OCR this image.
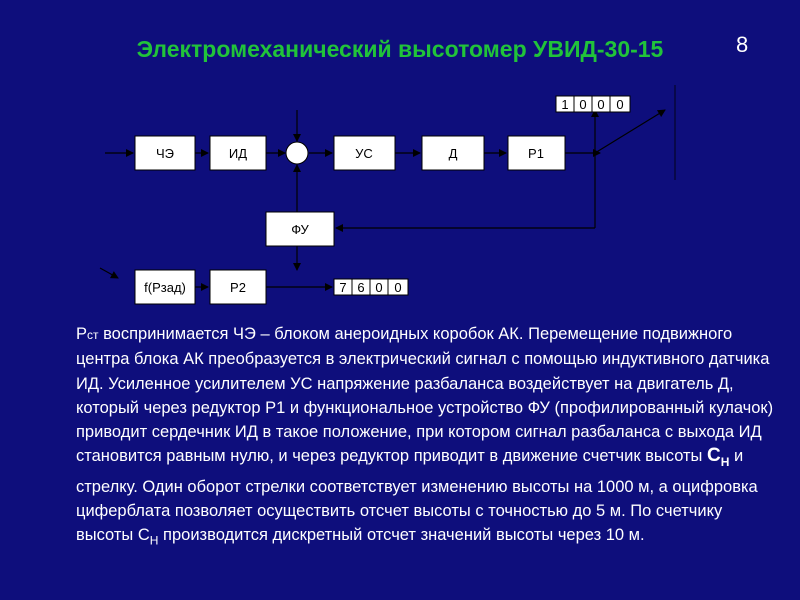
Электромеханический высотомер УВИД-30-15	8
ЧЭ	ИД	УС	Д	Р1
ФУ
f(Рзад)	Р2
1 0 0 0
7 6 0 0
Рст воспринимается ЧЭ – блоком анероидных коробок АК. Перемещение подвижного центра блока АК преобразуется в электрический сигнал с помощью индуктивного датчика ИД. Усиленное усилителем УС напряжение разбаланса воздействует на двигатель Д, который через редуктор Р1 и функциональное устройство ФУ (профилированный кулачок) приводит сердечник ИД в такое положение, при котором сигнал разбаланса с выхода ИД становится равным нулю, и через редуктор приводит в движение счетчик высоты $С_Н$ и стрелку. Один оборот стрелки соответствует изменению высоты на 1000 м, а оцифровка циферблата позволяет осуществить отсчет высоты с точностью до 5 м. По счетчику высоты $С_Н$ производится дискретный отсчет значений высоты через 10 м.
